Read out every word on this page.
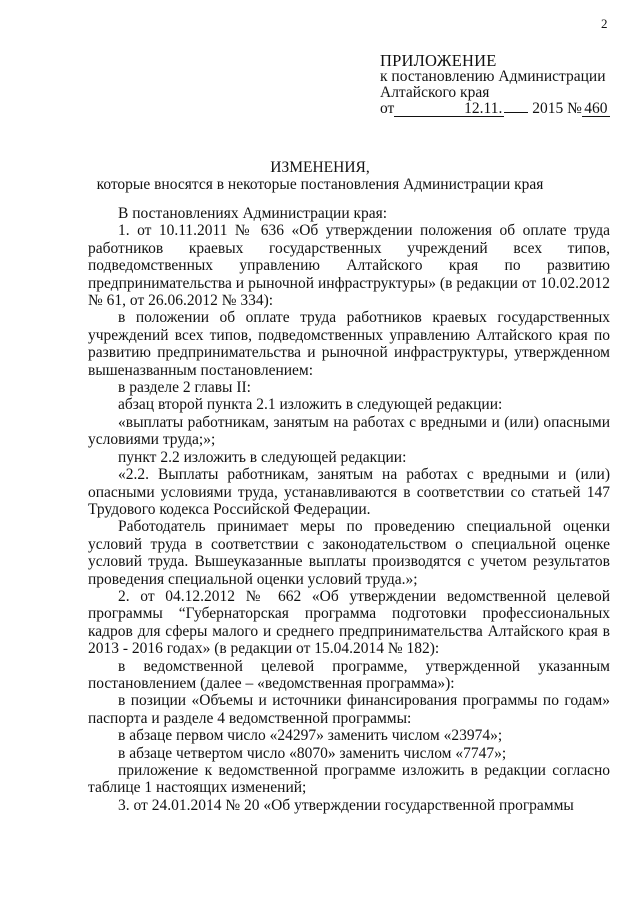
2
ПРИЛОЖЕНИЕ
к постановлению Администрации
Алтайского края
от	12.11. 2015 № 460
ИЗМЕНЕНИЯ,
которые вносятся в некоторые постановления Администрации края

В постановлениях Администрации края:

1. от 10.11.2011 № 636 «Об утверждении положения об оплате труда работников краевых государственных учреждений всех типов, подведомственных управлению Алтайского края по развитию предпринимательства и рыночной инфраструктуры» (в редакции от 10.02.2012 № 61, от 26.06.2012 № 334):

в положении об оплате труда работников краевых государственных учреждений всех типов, подведомственных управлению Алтайского края по развитию предпринимательства и рыночной инфраструктуры, утвержденном вышеназванным постановлением:

в разделе 2 главы II:

абзац второй пункта 2.1 изложить в следующей редакции:

«выплаты работникам, занятым на работах с вредными и (или) опасными условиями труда;»;

пункт 2.2 изложить в следующей редакции:

«2.2. Выплаты работникам, занятым на работах с вредными и (или) опасными условиями труда, устанавливаются в соответствии со статьей 147 Трудового кодекса Российской Федерации.

Работодатель принимает меры по проведению специальной оценки условий труда в соответствии с законодательством о специальной оценке условий труда. Вышеуказанные выплаты производятся с учетом результатов проведения специальной оценки условий труда.»;

2. от 04.12.2012 № 662 «Об утверждении ведомственной целевой программы “Губернаторская программа подготовки профессиональных кадров для сферы малого и среднего предпринимательства Алтайского края в 2013 - 2016 годах» (в редакции от 15.04.2014 № 182):

в ведомственной целевой программе, утвержденной указанным постановлением (далее – «ведомственная программа»):

в позиции «Объемы и источники финансирования программы по годам» паспорта и разделе 4 ведомственной программы:

в абзаце первом число «24297» заменить числом «23974»;

в абзаце четвертом число «8070» заменить числом «7747»;

приложение к ведомственной программе изложить в редакции согласно таблице 1 настоящих изменений;

3. от 24.01.2014 № 20 «Об утверждении государственной программы
